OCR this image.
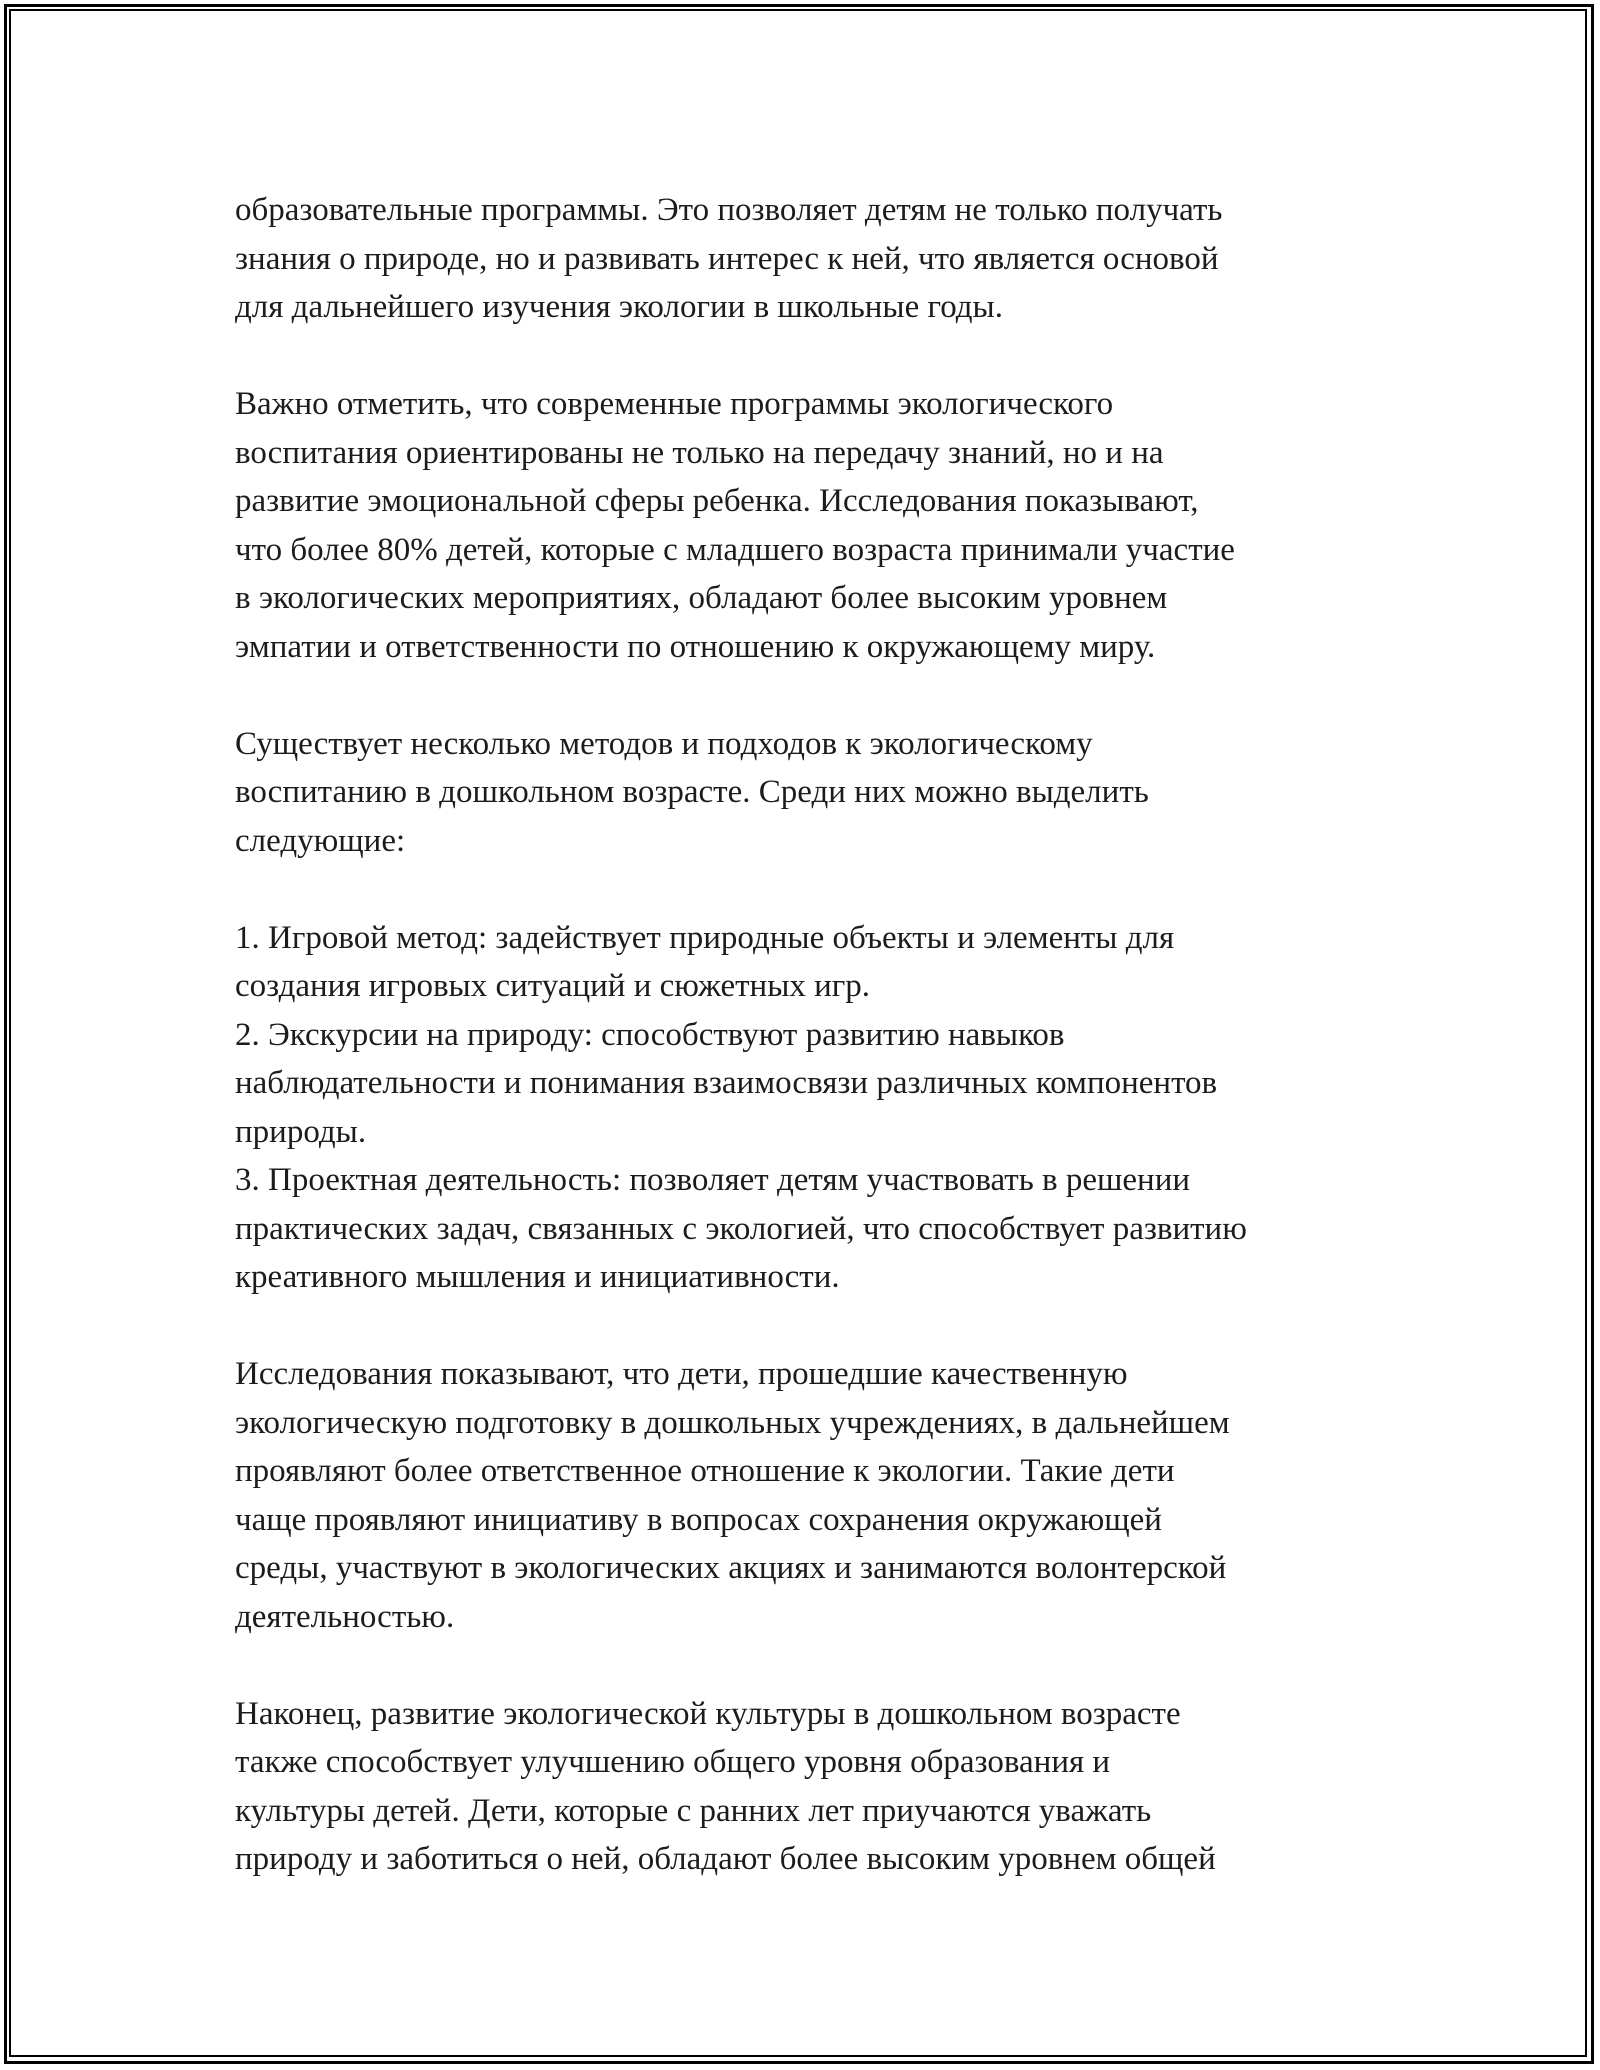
образовательные программы. Это позволяет детям не только получать
знания о природе, но и развивать интерес к ней, что является основой
для дальнейшего изучения экологии в школьные годы.
Важно отметить, что современные программы экологического
воспитания ориентированы не только на передачу знаний, но и на
развитие эмоциональной сферы ребенка. Исследования показывают,
что более 80% детей, которые с младшего возраста принимали участие
в экологических мероприятиях, обладают более высоким уровнем
эмпатии и ответственности по отношению к окружающему миру.
Существует несколько методов и подходов к экологическому
воспитанию в дошкольном возрасте. Среди них можно выделить
следующие:
1. Игровой метод: задействует природные объекты и элементы для
создания игровых ситуаций и сюжетных игр.
2. Экскурсии на природу: способствуют развитию навыков
наблюдательности и понимания взаимосвязи различных компонентов
природы.
3. Проектная деятельность: позволяет детям участвовать в решении
практических задач, связанных с экологией, что способствует развитию
креативного мышления и инициативности.
Исследования показывают, что дети, прошедшие качественную
экологическую подготовку в дошкольных учреждениях, в дальнейшем
проявляют более ответственное отношение к экологии. Такие дети
чаще проявляют инициативу в вопросах сохранения окружающей
среды, участвуют в экологических акциях и занимаются волонтерской
деятельностью.
Наконец, развитие экологической культуры в дошкольном возрасте
также способствует улучшению общего уровня образования и
культуры детей. Дети, которые с ранних лет приучаются уважать
природу и заботиться о ней, обладают более высоким уровнем общей
